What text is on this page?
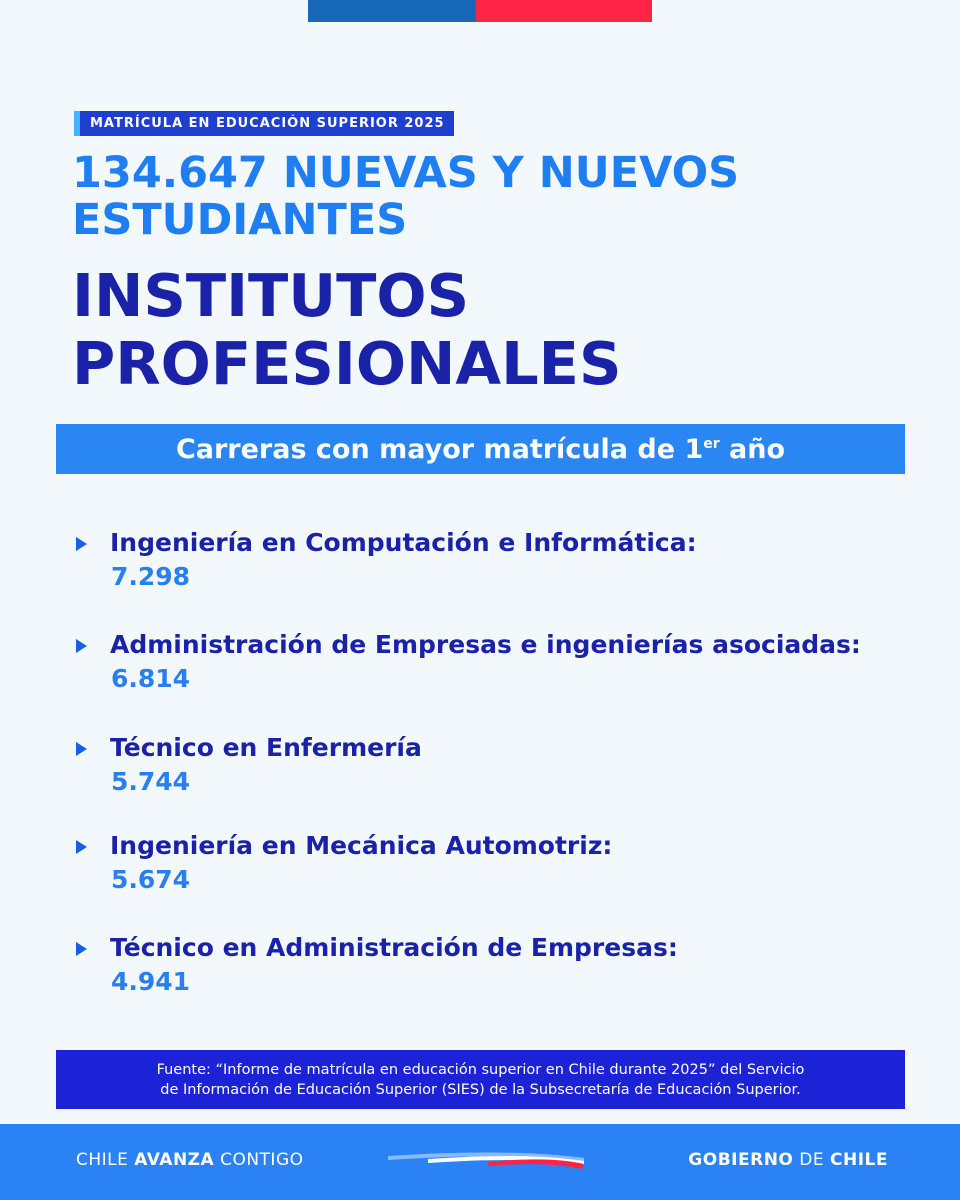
MATRÍCULA EN EDUCACIÓN SUPERIOR 2025
134.647 NUEVAS Y NUEVOS
ESTUDIANTES
INSTITUTOS
PROFESIONALES
Carreras con mayor matrícula de 1er año
Ingeniería en Computación e Informática:
7.298
Administración de Empresas e ingenierías asociadas:
6.814
Técnico en Enfermería
5.744
Ingeniería en Mecánica Automotriz:
5.674
Técnico en Administración de Empresas:
4.941
Fuente: “Informe de matrícula en educación superior en Chile durante 2025” del Servicio
de Información de Educación Superior (SIES) de la Subsecretaría de Educación Superior.
CHILE AVANZA CONTIGO	GOBIERNO DE CHILE
